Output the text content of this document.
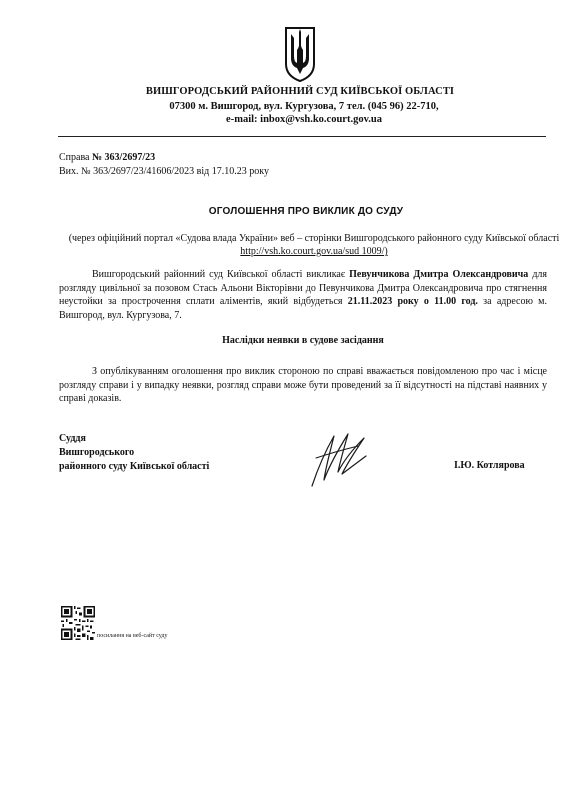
ВИШГОРОДСЬКИЙ РАЙОННИЙ СУД КИЇВСЬКОЇ ОБЛАСТІ
07300 м. Вишгород, вул. Кургузова, 7 тел. (045 96) 22-710,
e-mail: inbox@vsh.ko.court.gov.ua
Справа № 363/2697/23
Вих. № 363/2697/23/41606/2023 від 17.10.23 року
ОГОЛОШЕННЯ ПРО ВИКЛИК ДО СУДУ
(через офіційний портал «Судова влада України» веб – сторінки Вишгородського районного суду Київської області http://vsh.ko.court.gov.ua/sud 1009/)
Вишгородський районний суд Київської області викликає Певунчикова Дмитра Олександровича для розгляду цивільної за позовом Стась Альони Вікторівни до Певунчикова Дмитра Олександровича про стягнення неустойки за прострочення сплати аліментів, який відбудеться 21.11.2023 року о 11.00 год. за адресою м. Вишгород, вул. Кургузова, 7.
Наслідки неявки в судове засідання
З опублікуванням оголошення про виклик стороною по справі вважається повідомленою про час і місце розгляду справи і у випадку неявки, розгляд справи може бути проведений за її відсутності на підставі наявних у справі доказів.
Суддя
Вишгородського
районного суду Київської області	І.Ю. Котлярова
посилання на веб-сайт суду
